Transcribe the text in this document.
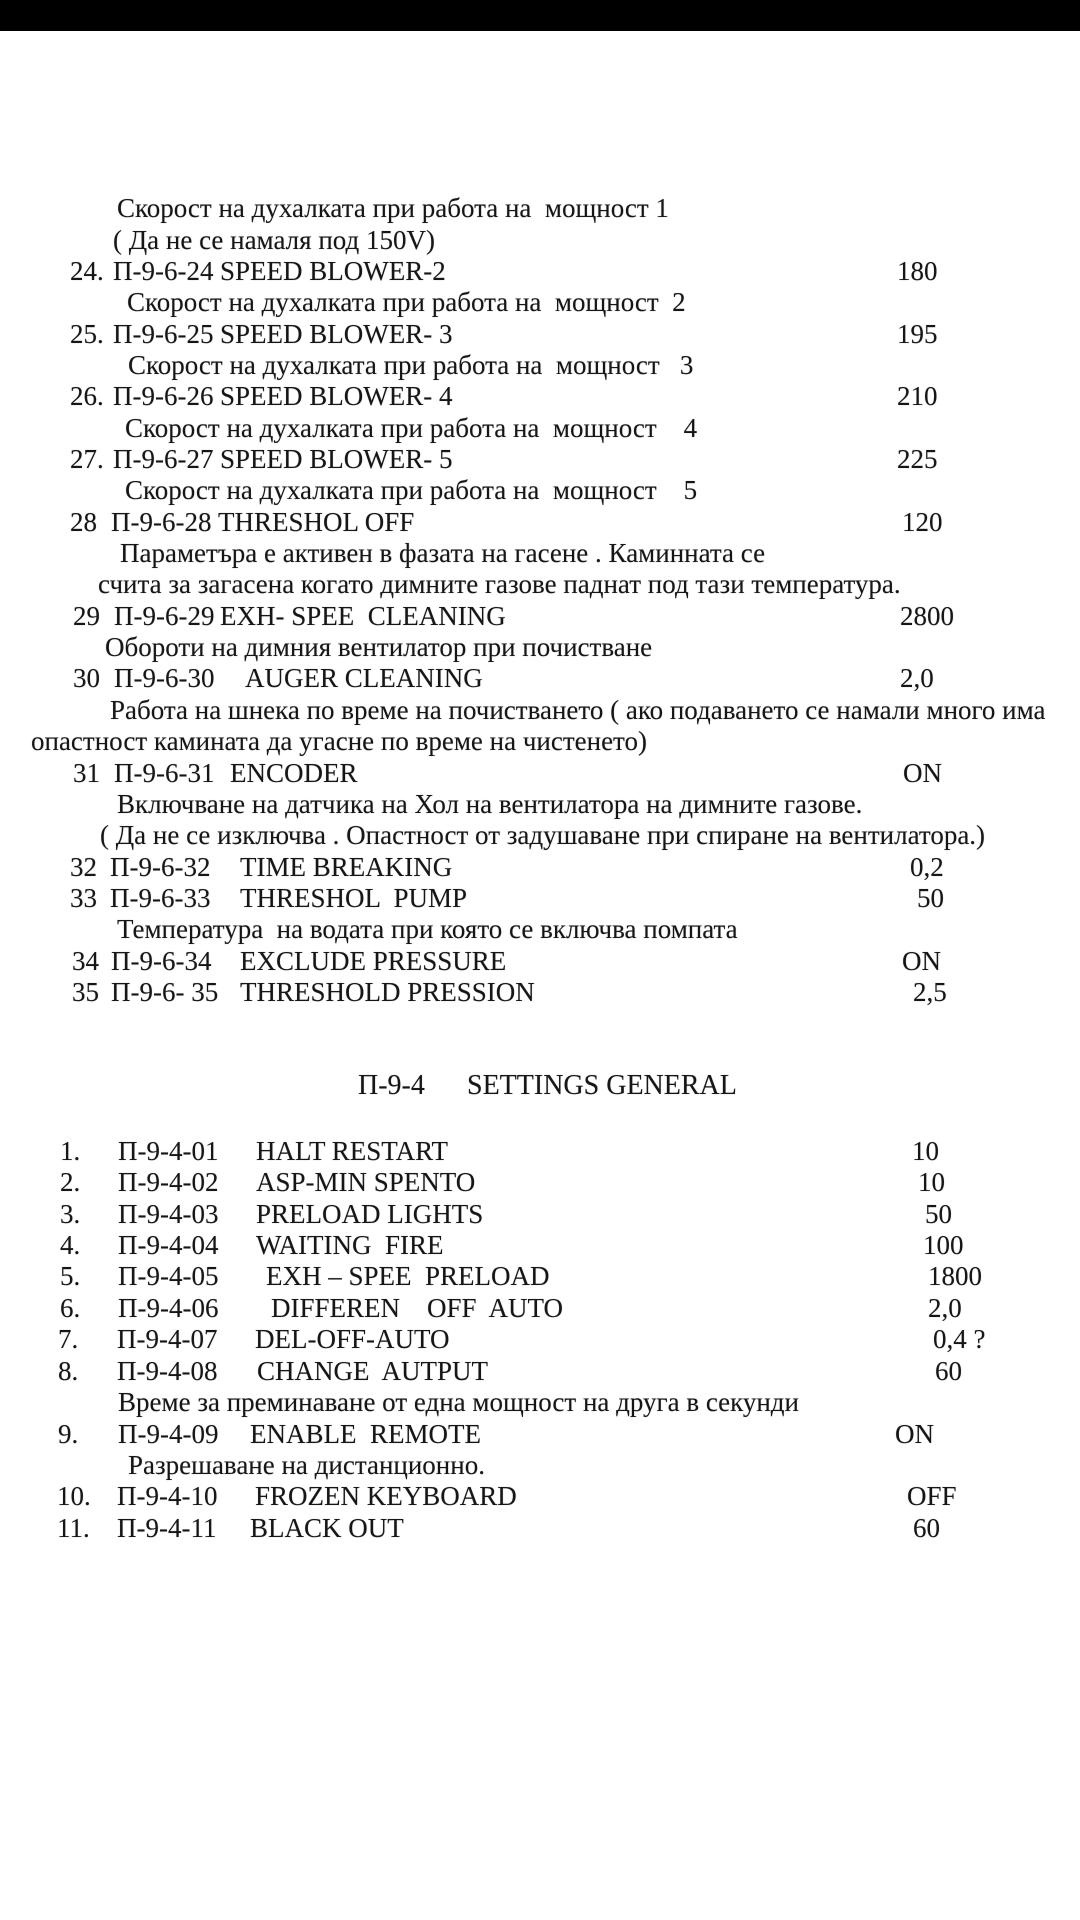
Скорост на духалката при работа на  мощност 1
( Да не се намаля под 150V)
24. П-9-6-24 SPEED BLOWER-2	180
Скорост на духалката при работа на  мощност  2
25. П-9-6-25 SPEED BLOWER- 3	195
Скорост на духалката при работа на  мощност   3
26. П-9-6-26 SPEED BLOWER- 4	210
Скорост на духалката при работа на  мощност    4
27. П-9-6-27 SPEED BLOWER- 5	225
Скорост на духалката при работа на  мощност    5
28 П-9-6-28 THRESHOL OFF	120
Параметъра е активен в фазата на гасене . Каминната се
счита за загасена когато димните газове паднат под тази температура.
29 П-9-6-29 EXH- SPEE  CLEANING	2800
Обороти на димния вентилатор при почистване
30 П-9-6-30 AUGER CLEANING	2,0
Работа на шнека по време на почистването ( ако подаването се намали много има
опастност камината да угасне по време на чистенето)
31 П-9-6-31 ENCODER	ON
Включване на датчика на Хол на вентилатора на димните газове.
( Да не се изключва . Опастност от задушаване при спиране на вентилатора.)
32 П-9-6-32 TIME BREAKING	0,2
33 П-9-6-33 THRESHOL  PUMP	50
Температура  на водата при която се включва помпата
34 П-9-6-34 EXCLUDE PRESSURE	ON
35 П-9-6- 35 THRESHOLD PRESSION	2,5
П-9-4 SETTINGS GENERAL
1. П-9-4-01 HALT RESTART	10
2. П-9-4-02 ASP-MIN SPENTO	10
3. П-9-4-03 PRELOAD LIGHTS	50
4. П-9-4-04 WAITING  FIRE	100
5. П-9-4-05 EXH – SPEE  PRELOAD	1800
6. П-9-4-06 DIFFEREN    OFF  AUTO	2,0
7. П-9-4-07 DEL-OFF-AUTO	0,4 ?
8. П-9-4-08 CHANGE  AUTPUT	60
Време за преминаване от една мощност на друга в секунди
9. П-9-4-09 ENABLE  REMOTE	ON
Разрешаване на дистанционно.
10. П-9-4-10 FROZEN KEYBOARD	OFF
11. П-9-4-11 BLACK OUT	60
